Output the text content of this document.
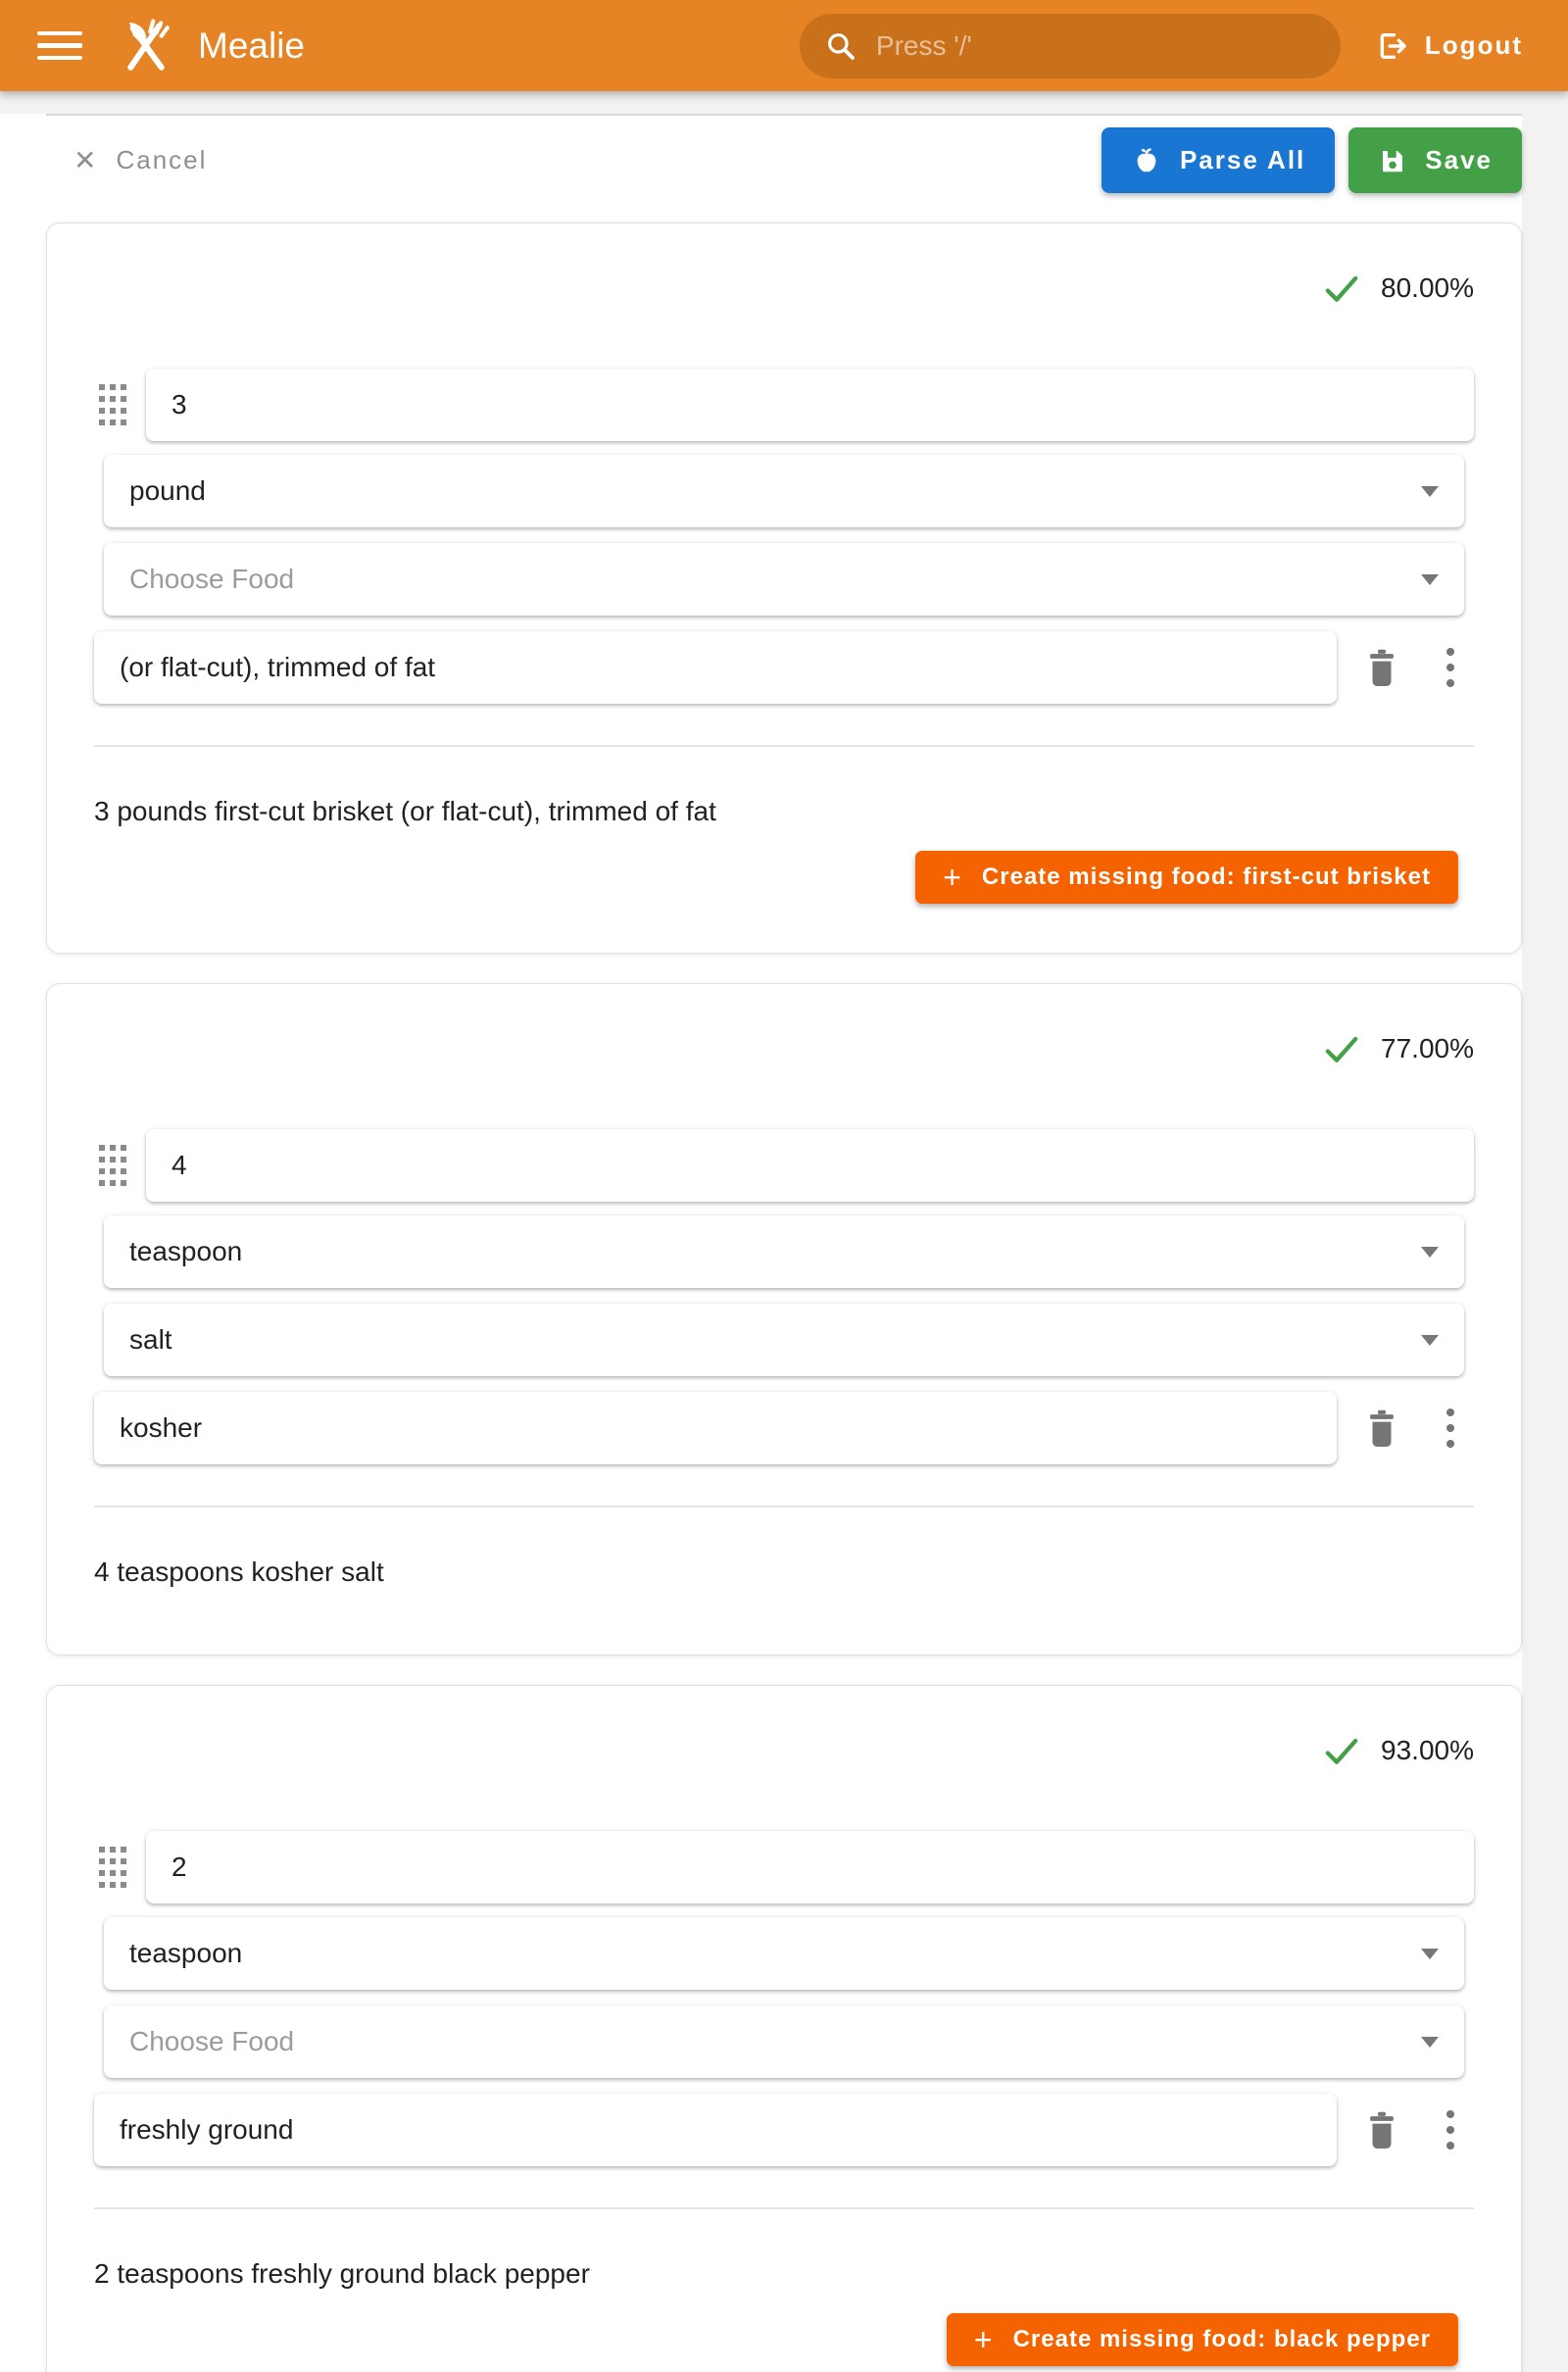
Mealie	Press '/'	Logout
✕ Cancel	Parse All	Save
80.00%
3
pound
Choose Food
(or flat-cut), trimmed of fat
3 pounds first-cut brisket (or flat-cut), trimmed of fat
+ Create missing food: first-cut brisket
77.00%
4
teaspoon
salt
kosher
4 teaspoons kosher salt
93.00%
2
teaspoon
Choose Food
freshly ground
2 teaspoons freshly ground black pepper
+ Create missing food: black pepper
